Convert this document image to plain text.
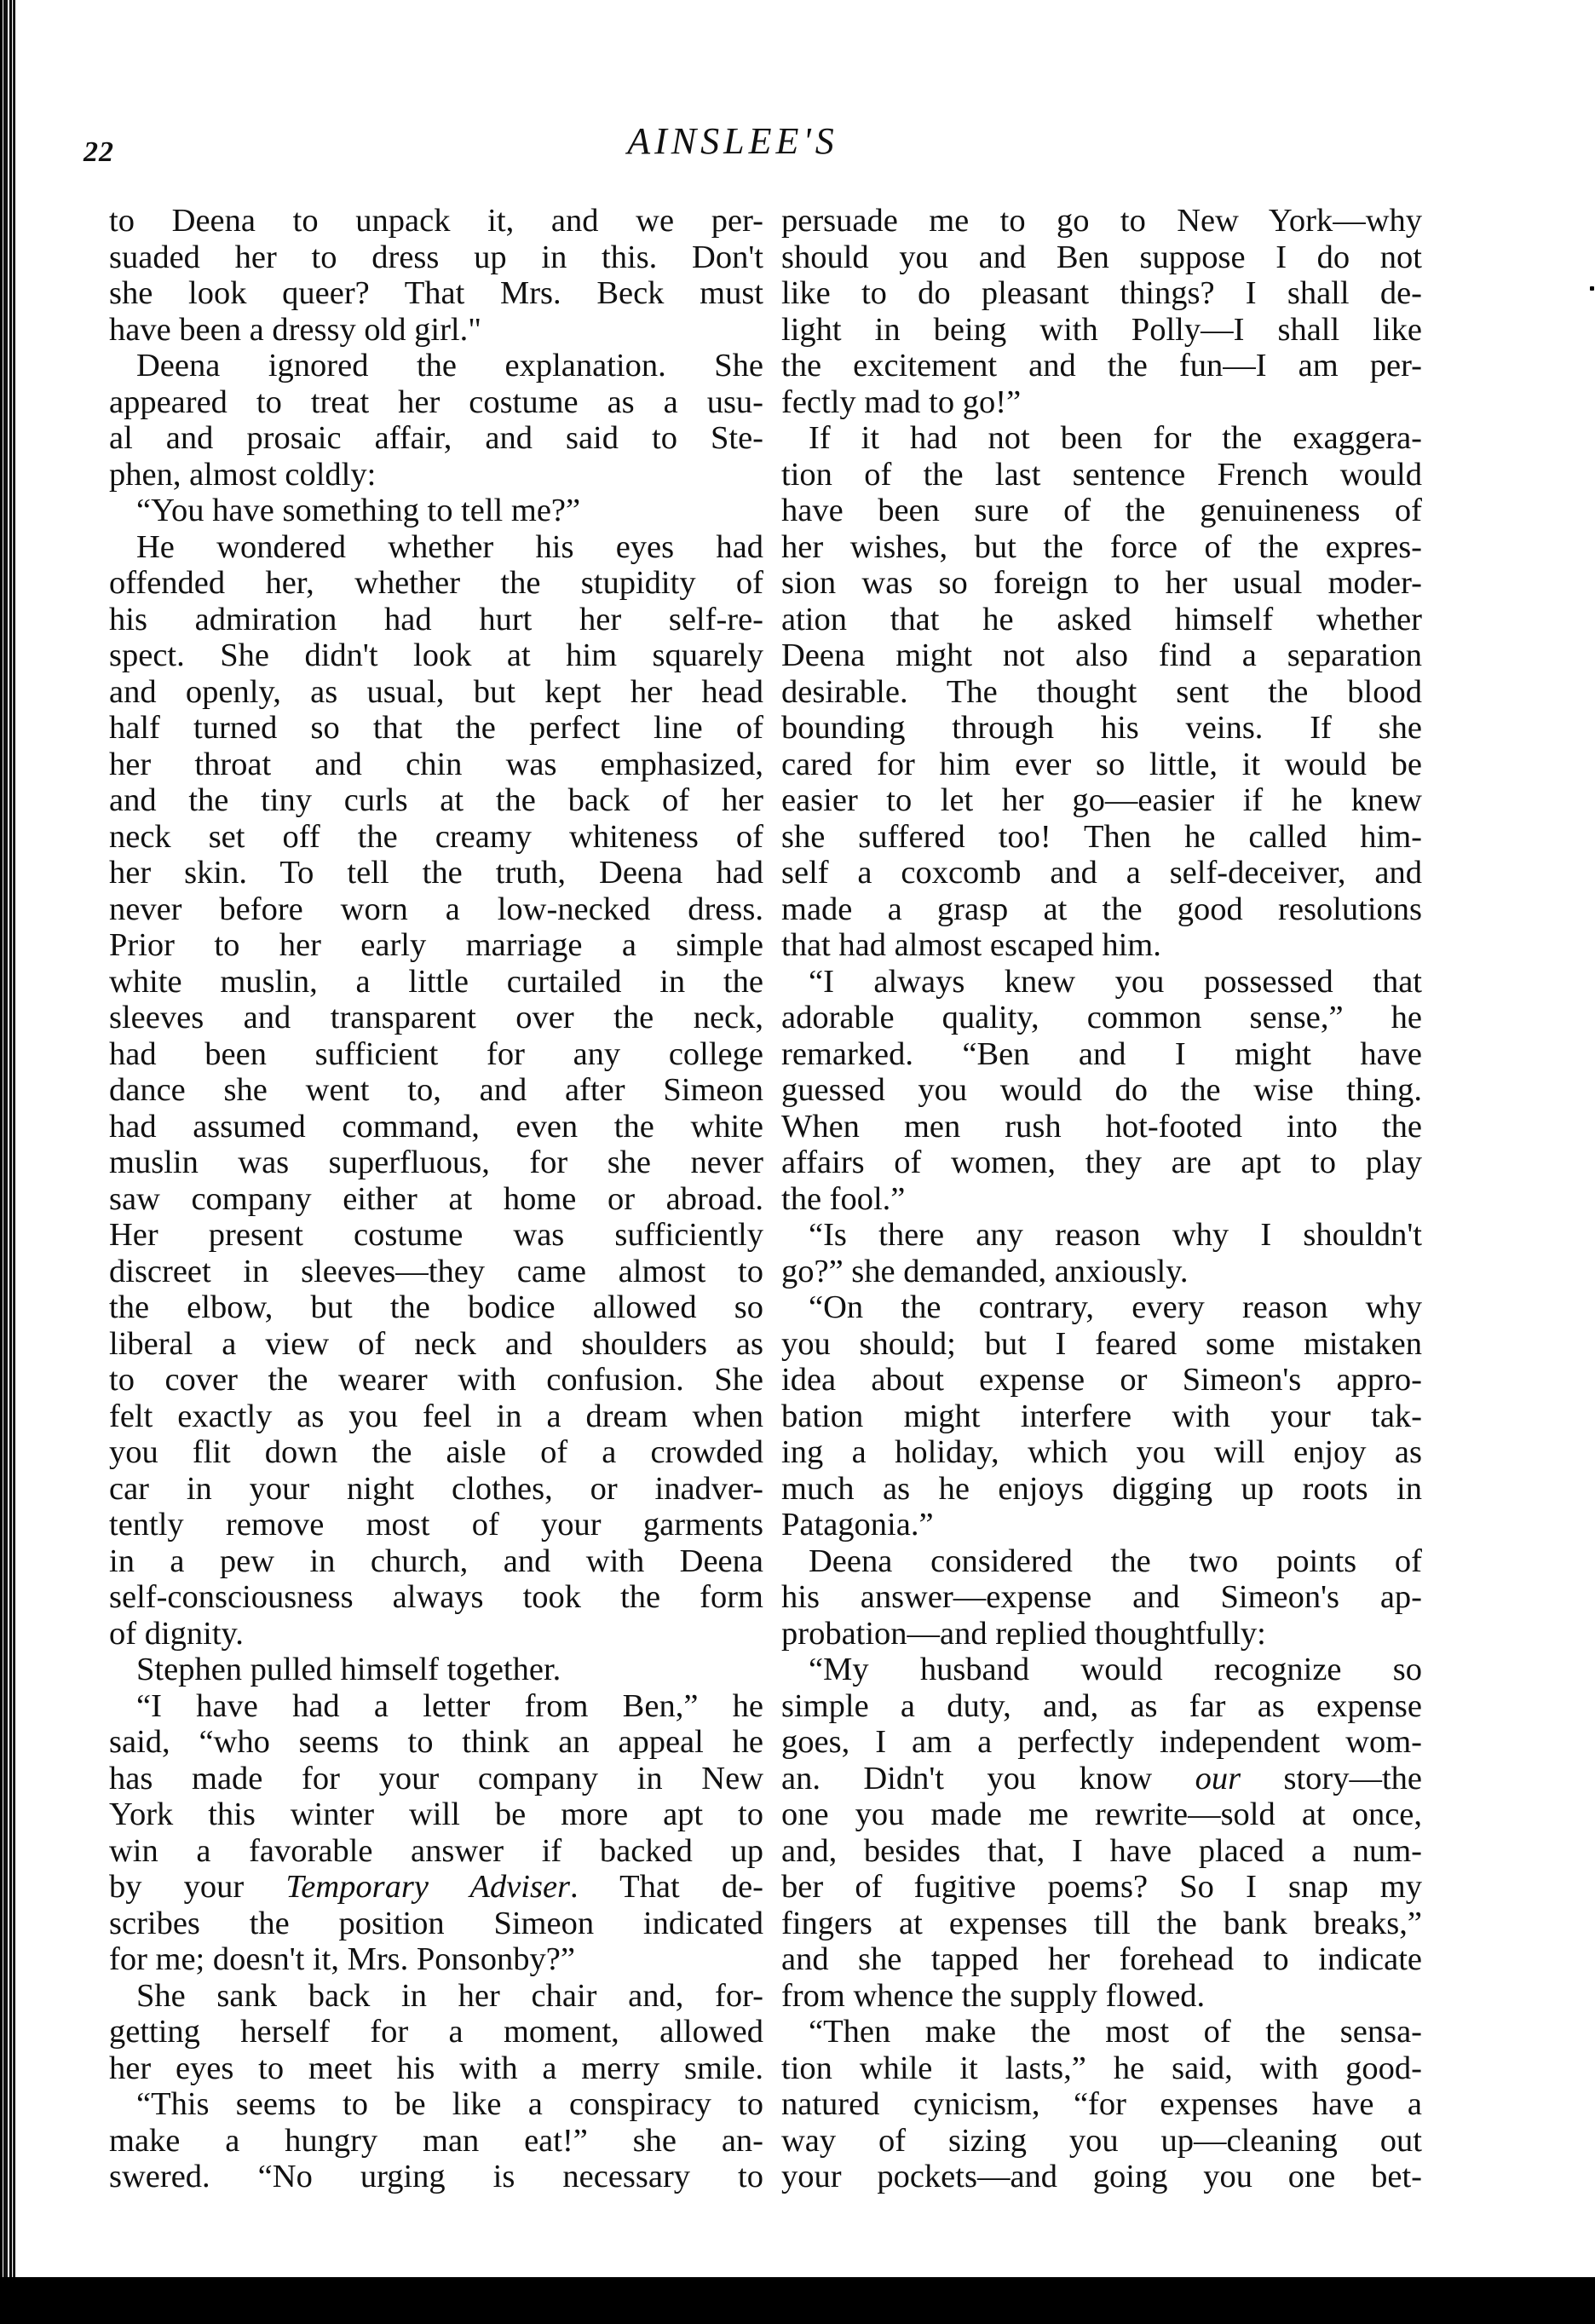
22	AINSLEE'S
to Deena to unpack it, and we per-
suaded her to dress up in this. Don't
she look queer? That Mrs. Beck must
have been a dressy old girl."
Deena ignored the explanation. She
appeared to treat her costume as a usu-
al and prosaic affair, and said to Ste-
phen, almost coldly:
“You have something to tell me?”
He wondered whether his eyes had
offended her, whether the stupidity of
his admiration had hurt her self-re-
spect. She didn't look at him squarely
and openly, as usual, but kept her head
half turned so that the perfect line of
her throat and chin was emphasized,
and the tiny curls at the back of her
neck set off the creamy whiteness of
her skin. To tell the truth, Deena had
never before worn a low-necked dress.
Prior to her early marriage a simple
white muslin, a little curtailed in the
sleeves and transparent over the neck,
had been sufficient for any college
dance she went to, and after Simeon
had assumed command, even the white
muslin was superfluous, for she never
saw company either at home or abroad.
Her present costume was sufficiently
discreet in sleeves—they came almost to
the elbow, but the bodice allowed so
liberal a view of neck and shoulders as
to cover the wearer with confusion. She
felt exactly as you feel in a dream when
you flit down the aisle of a crowded
car in your night clothes, or inadver-
tently remove most of your garments
in a pew in church, and with Deena
self-consciousness always took the form
of dignity.
Stephen pulled himself together.
“I have had a letter from Ben,” he
said, “who seems to think an appeal he
has made for your company in New
York this winter will be more apt to
win a favorable answer if backed up
by your Temporary Adviser. That de-
scribes the position Simeon indicated
for me; doesn't it, Mrs. Ponsonby?”
She sank back in her chair and, for-
getting herself for a moment, allowed
her eyes to meet his with a merry smile.
“This seems to be like a conspiracy to
make a hungry man eat!” she an-
swered. “No urging is necessary to
persuade me to go to New York—why
should you and Ben suppose I do not
like to do pleasant things? I shall de-
light in being with Polly—I shall like
the excitement and the fun—I am per-
fectly mad to go!”
If it had not been for the exaggera-
tion of the last sentence French would
have been sure of the genuineness of
her wishes, but the force of the expres-
sion was so foreign to her usual moder-
ation that he asked himself whether
Deena might not also find a separation
desirable. The thought sent the blood
bounding through his veins. If she
cared for him ever so little, it would be
easier to let her go—easier if he knew
she suffered too! Then he called him-
self a coxcomb and a self-deceiver, and
made a grasp at the good resolutions
that had almost escaped him.
“I always knew you possessed that
adorable quality, common sense,” he
remarked. “Ben and I might have
guessed you would do the wise thing.
When men rush hot-footed into the
affairs of women, they are apt to play
the fool.”
“Is there any reason why I shouldn't
go?” she demanded, anxiously.
“On the contrary, every reason why
you should; but I feared some mistaken
idea about expense or Simeon's appro-
bation might interfere with your tak-
ing a holiday, which you will enjoy as
much as he enjoys digging up roots in
Patagonia.”
Deena considered the two points of
his answer—expense and Simeon's ap-
probation—and replied thoughtfully:
“My husband would recognize so
simple a duty, and, as far as expense
goes, I am a perfectly independent wom-
an. Didn't you know our story—the
one you made me rewrite—sold at once,
and, besides that, I have placed a num-
ber of fugitive poems? So I snap my
fingers at expenses till the bank breaks,”
and she tapped her forehead to indicate
from whence the supply flowed.
“Then make the most of the sensa-
tion while it lasts,” he said, with good-
natured cynicism, “for expenses have a
way of sizing you up—cleaning out
your pockets—and going you one bet-
